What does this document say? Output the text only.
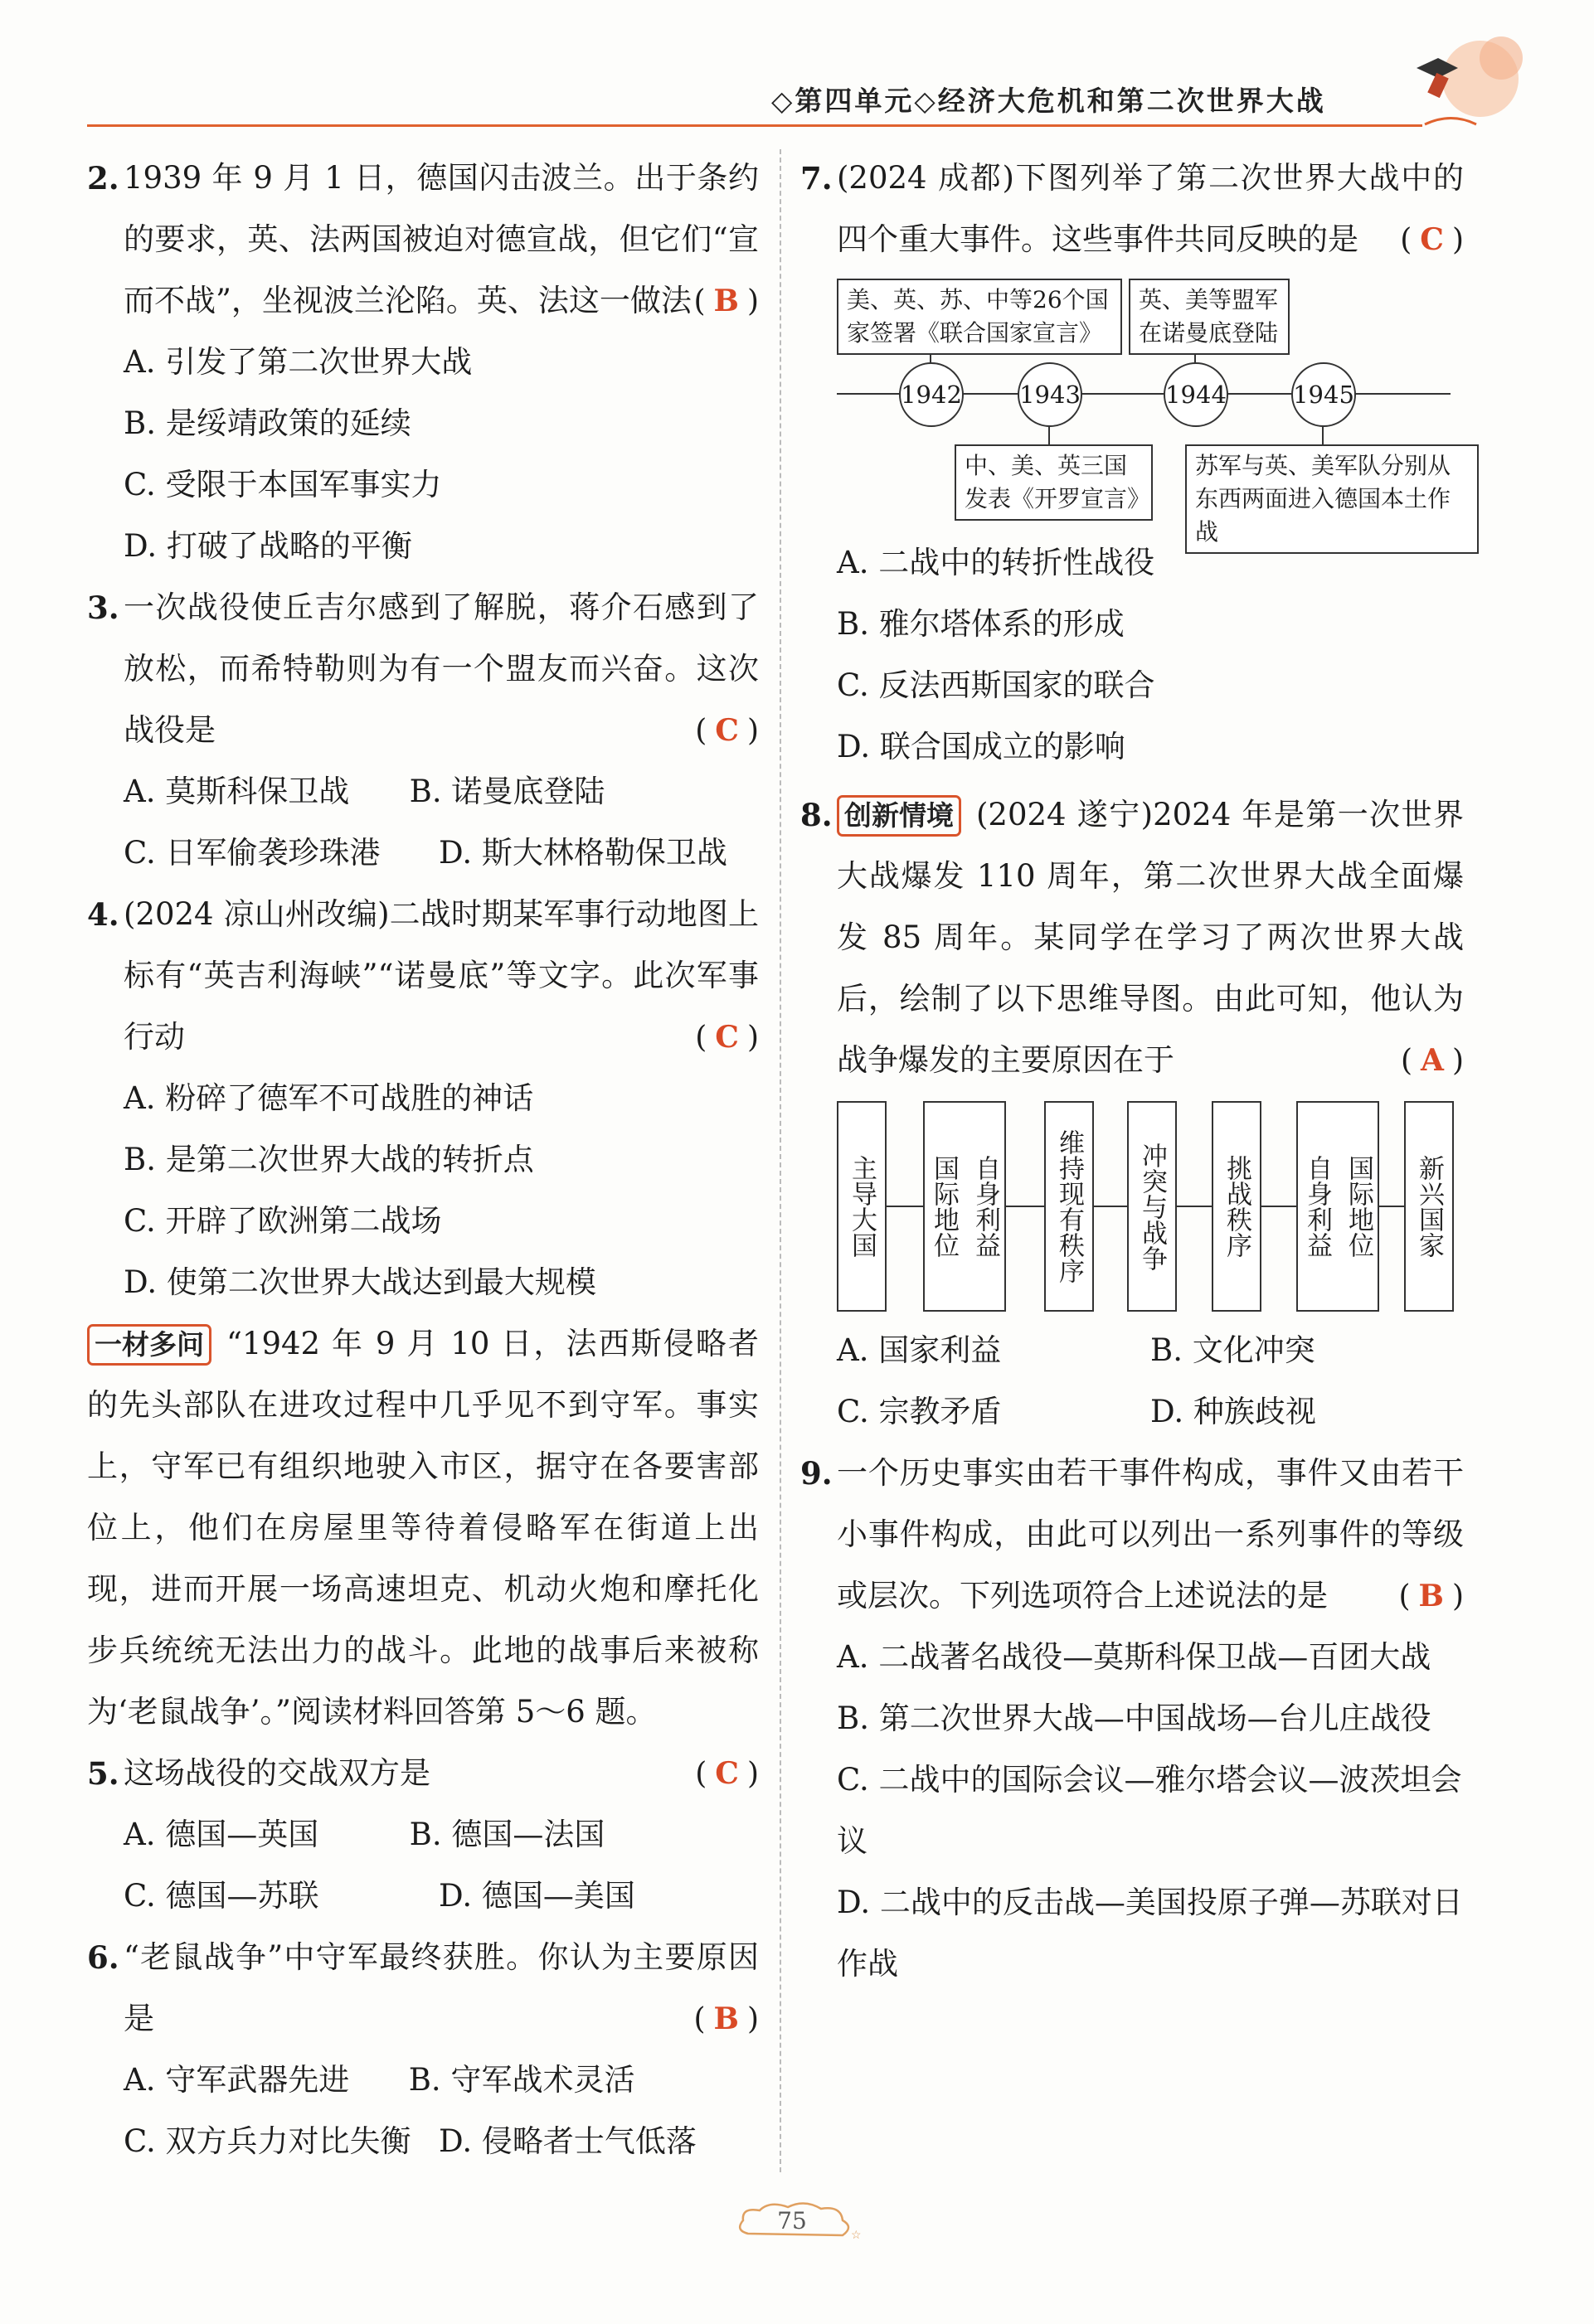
◇第四单元◇经济大危机和第二次世界大战
2. 1939 年 9 月 1 日，德国闪击波兰。出于条约的要求，英、法两国被迫对德宣战，但它们“宣而不战”，坐视波兰沦陷。英、法这一做法 ( B )
A. 引发了第二次世界大战
B. 是绥靖政策的延续
C. 受限于本国军事实力
D. 打破了战略的平衡
3. 一次战役使丘吉尔感到了解脱，蒋介石感到了放松，而希特勒则为有一个盟友而兴奋。这次战役是	( C )
A. 莫斯科保卫战	B. 诺曼底登陆
C. 日军偷袭珍珠港	D. 斯大林格勒保卫战
4. (2024 凉山州改编)二战时期某军事行动地图上标有“英吉利海峡”“诺曼底”等文字。此次军事行动	( C )
A. 粉碎了德军不可战胜的神话
B. 是第二次世界大战的转折点
C. 开辟了欧洲第二战场
D. 使第二次世界大战达到最大规模
一材多问 “1942 年 9 月 10 日，法西斯侵略者的先头部队在进攻过程中几乎见不到守军。事实上，守军已有组织地驶入市区，据守在各要害部位上，他们在房屋里等待着侵略军在街道上出现，进而开展一场高速坦克、机动火炮和摩托化步兵统统无法出力的战斗。此地的战事后来被称为‘老鼠战争’。”阅读材料回答第 5～6 题。
5. 这场战役的交战双方是	( C )
A. 德国—英国	B. 德国—法国
C. 德国—苏联	D. 德国—美国
6. “老鼠战争”中守军最终获胜。你认为主要原因是	( B )
A. 守军武器先进	B. 守军战术灵活
C. 双方兵力对比失衡 D. 侵略者士气低落
7. (2024 成都)下图列举了第二次世界大战中的四个重大事件。这些事件共同反映的是 ( C )
美、英、苏、中等26个国家签署《联合国家宣言》
英、美等盟军在诺曼底登陆
中、美、英三国发表《开罗宣言》
苏军与英、美军队分别从东西两面进入德国本土作战
1942 1943	1944	1945
A. 二战中的转折性战役
B. 雅尔塔体系的形成
C. 反法西斯国家的联合
D. 联合国成立的影响
8. 创新情境 (2024 遂宁)2024 年是第一次世界大战爆发 110 周年，第二次世界大战全面爆发 85 周年。某同学在学习了两次世界大战后，绘制了以下思维导图。由此可知，他认为战争爆发的主要原因在于	( A )
主导大国 国际地位 自身利益 维持现有秩序 冲突与战争 挑战秩序 自身利益 国际地位 新兴国家
A. 国家利益	B. 文化冲突
C. 宗教矛盾	D. 种族歧视
9. 一个历史事实由若干事件构成，事件又由若干小事件构成，由此可以列出一系列事件的等级或层次。下列选项符合上述说法的是 ( B )
A. 二战著名战役—莫斯科保卫战—百团大战
B. 第二次世界大战—中国战场—台儿庄战役
C. 二战中的国际会议—雅尔塔会议—波茨坦会议
D. 二战中的反击战—美国投原子弹—苏联对日作战
☆
75
